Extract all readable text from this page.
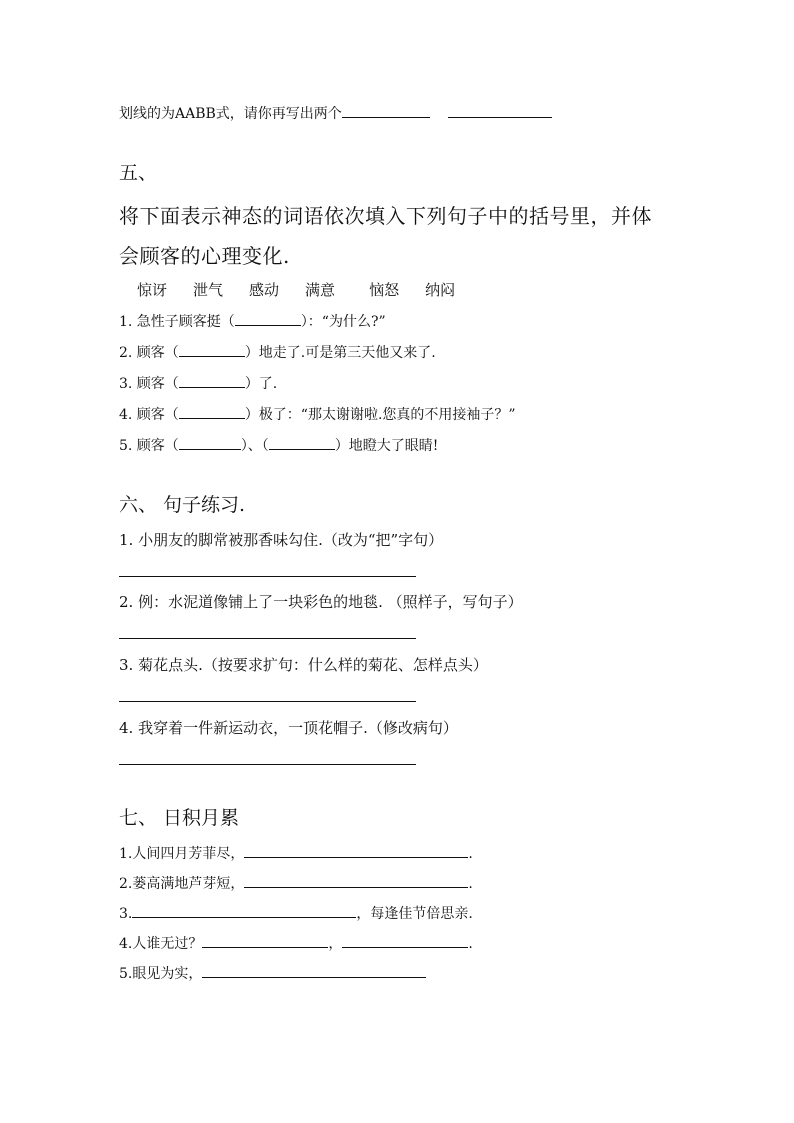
划线的为AABB式，请你再写出两个
五、
将下面表示神态的词语依次填入下列句子中的括号里，并体
会顾客的心理变化.
惊讶 泄气 感动 满意 恼怒 纳闷
1. 急性子顾客挺（	）：“为什么?”
2. 顾客（	）地走了.可是第三天他又来了.
3. 顾客（	）了.
4. 顾客（	）极了：“那太谢谢啦.您真的不用接袖子？”
5. 顾客（	）、（	）地瞪大了眼睛!
六、 句子练习.
1. 小朋友的脚常被那香味勾住.（改为“把”字句）
2. 例：水泥道像铺上了一块彩色的地毯. （照样子，写句子）
3. 菊花点头.（按要求扩句：什么样的菊花、怎样点头）
4. 我穿着一件新运动衣，一顶花帽子.（修改病句）
七、 日积月累
1.人间四月芳菲尽，	.
2.蒌高满地芦芽短，	.
3.	，每逢佳节倍思亲.
4.人谁无过？	，	.
5.眼见为实，
